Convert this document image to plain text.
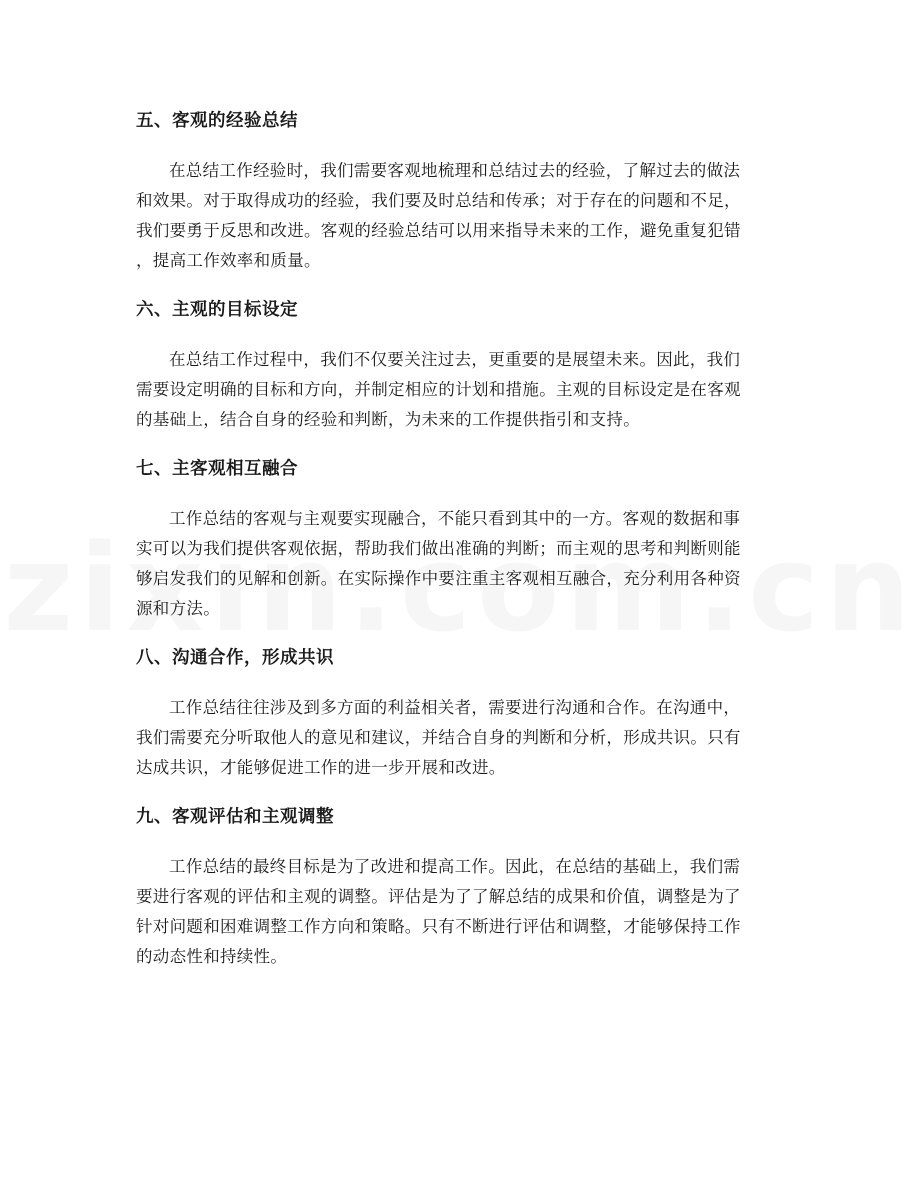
五、客观的经验总结

在总结工作经验时，我们需要客观地梳理和总结过去的经验，了解过去的做法
和效果。对于取得成功的经验，我们要及时总结和传承；对于存在的问题和不足，
我们要勇于反思和改进。客观的经验总结可以用来指导未来的工作，避免重复犯错
，提高工作效率和质量。

六、主观的目标设定

在总结工作过程中，我们不仅要关注过去，更重要的是展望未来。因此，我们
需要设定明确的目标和方向，并制定相应的计划和措施。主观的目标设定是在客观
的基础上，结合自身的经验和判断，为未来的工作提供指引和支持。

七、主客观相互融合

工作总结的客观与主观要实现融合，不能只看到其中的一方。客观的数据和事
实可以为我们提供客观依据，帮助我们做出准确的判断；而主观的思考和判断则能
够启发我们的见解和创新。在实际操作中要注重主客观相互融合，充分利用各种资
源和方法。

八、沟通合作，形成共识

工作总结往往涉及到多方面的利益相关者，需要进行沟通和合作。在沟通中，
我们需要充分听取他人的意见和建议，并结合自身的判断和分析，形成共识。只有
达成共识，才能够促进工作的进一步开展和改进。

九、客观评估和主观调整

工作总结的最终目标是为了改进和提高工作。因此，在总结的基础上，我们需
要进行客观的评估和主观的调整。评估是为了了解总结的成果和价值，调整是为了
针对问题和困难调整工作方向和策略。只有不断进行评估和调整，才能够保持工作
的动态性和持续性。
